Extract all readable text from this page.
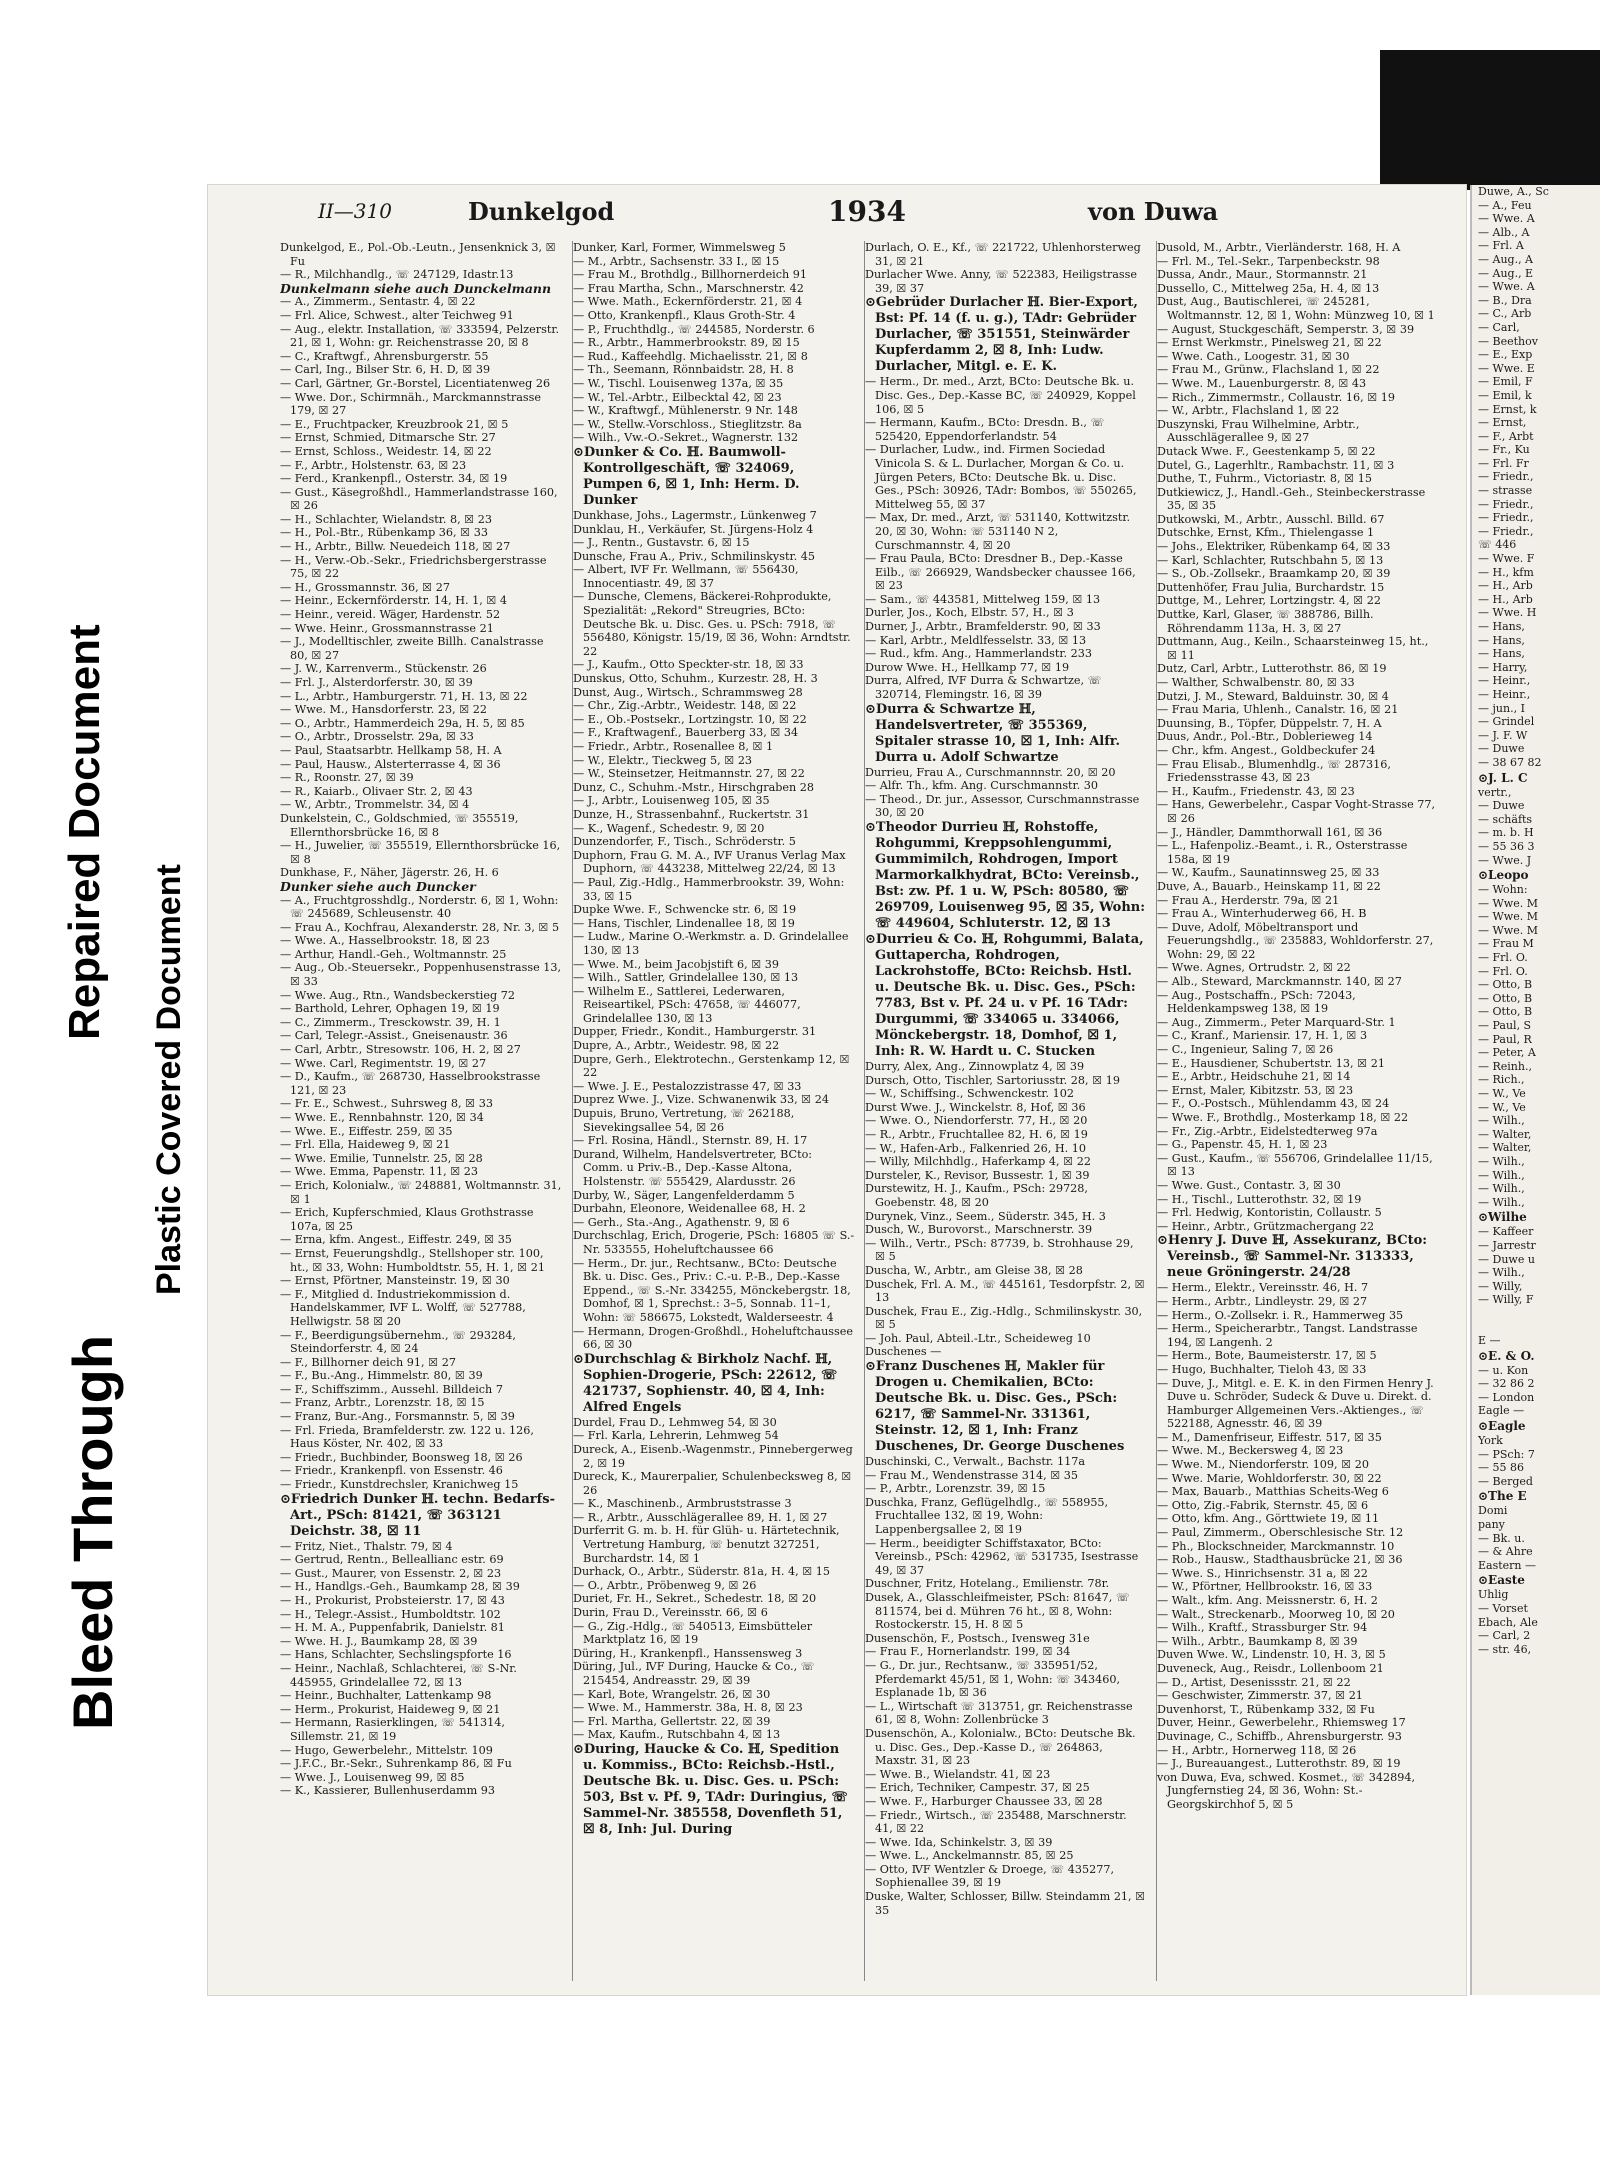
Bleed Through
Repaired Document
Plastic Covered Document
II—310	Dunkelgod	1934	von Duwa
Dunkelgod, E., Pol.-Ob.-Leutn., Jensenknick 3, ☒ Fu
— R., Milchhandlg., ☏ 247129, Idastr.13
Dunkelmann siehe auch Dunckelmann
— A., Zimmerm., Sentastr. 4, ☒ 22
— Frl. Alice, Schwest., alter Teichweg 91
— Aug., elektr. Installation, ☏ 333594, Pelzerstr. 21, ☒ 1, Wohn: gr. Reichenstrasse 20, ☒ 8
— C., Kraftwgf., Ahrensburgerstr. 55
— Carl, Ing., Bilser Str. 6, H. D, ☒ 39
— Carl, Gärtner, Gr.-Borstel, Licentiatenweg 26
— Wwe. Dor., Schirmnäh., Marckmannstrasse 179, ☒ 27
— E., Fruchtpacker, Kreuzbrook 21, ☒ 5
— Ernst, Schmied, Ditmarsche Str. 27
— Ernst, Schloss., Weidestr. 14, ☒ 22
— F., Arbtr., Holstenstr. 63, ☒ 23
— Ferd., Krankenpfl., Osterstr. 34, ☒ 19
— Gust., Käsegroßhdl., Hammerlandstrasse 160, ☒ 26
— H., Schlachter, Wielandstr. 8, ☒ 23
— H., Pol.-Btr., Rübenkamp 36, ☒ 33
— H., Arbtr., Billw. Neuedeich 118, ☒ 27
— H., Verw.-Ob.-Sekr., Friedrichsbergerstrasse 75, ☒ 22
— H., Grossmannstr. 36, ☒ 27
— Heinr., Eckernförderstr. 14, H. 1, ☒ 4
— Heinr., vereid. Wäger, Hardenstr. 52
— Wwe. Heinr., Grossmannstrasse 21
— J., Modelltischler, zweite Billh. Canalstrasse 80, ☒ 27
— J. W., Karrenverm., Stückenstr. 26
— Frl. J., Alsterdorferstr. 30, ☒ 39
— L., Arbtr., Hamburgerstr. 71, H. 13, ☒ 22
— Wwe. M., Hansdorferstr. 23, ☒ 22
— O., Arbtr., Hammerdeich 29a, H. 5, ☒ 85
— O., Arbtr., Drosselstr. 29a, ☒ 33
— Paul, Staatsarbtr. Hellkamp 58, H. A
— Paul, Hausw., Alsterterrasse 4, ☒ 36
— R., Roonstr. 27, ☒ 39
— R., Kaiarb., Olivaer Str. 2, ☒ 43
— W., Arbtr., Trommelstr. 34, ☒ 4
Dunkelstein, C., Goldschmied, ☏ 355519, Ellernthorsbrücke 16, ☒ 8
— H., Juwelier, ☏ 355519, Ellernthorsbrücke 16, ☒ 8
Dunkhase, F., Näher, Jägerstr. 26, H. 6
Dunker siehe auch Duncker
— A., Fruchtgrosshdlg., Norderstr. 6, ☒ 1, Wohn: ☏ 245689, Schleusenstr. 40
— Frau A., Kochfrau, Alexanderstr. 28, Nr. 3, ☒ 5
— Wwe. A., Hasselbrookstr. 18, ☒ 23
— Arthur, Handl.-Geh., Woltmannstr. 25
— Aug., Ob.-Steuersekr., Poppenhusenstrasse 13, ☒ 33
— Wwe. Aug., Rtn., Wandsbeckerstieg 72
— Barthold, Lehrer, Ophagen 19, ☒ 19
— C., Zimmerm., Tresckowstr. 39, H. 1
— Carl, Telegr.-Assist., Gneisenaustr. 36
— Carl, Arbtr., Stresowstr. 106, H. 2, ☒ 27
— Wwe. Carl, Regimentstr. 19, ☒ 27
— D., Kaufm., ☏ 268730, Hasselbrookstrasse 121, ☒ 23
— Fr. E., Schwest., Suhrsweg 8, ☒ 33
— Wwe. E., Rennbahnstr. 120, ☒ 34
— Wwe. E., Eiffestr. 259, ☒ 35
— Frl. Ella, Haideweg 9, ☒ 21
— Wwe. Emilie, Tunnelstr. 25, ☒ 28
— Wwe. Emma, Papenstr. 11, ☒ 23
— Erich, Kolonialw., ☏ 248881, Woltmannstr. 31, ☒ 1
— Erich, Kupferschmied, Klaus Grothstrasse 107a, ☒ 25
— Erna, kfm. Angest., Eiffestr. 249, ☒ 35
— Ernst, Feuerungshdlg., Stellshoper str. 100, ht., ☒ 33, Wohn: Humboldtstr. 55, H. 1, ☒ 21
— Ernst, Pförtner, Mansteinstr. 19, ☒ 30
— F., Mitglied d. Industriekommission d. Handelskammer, ⅣF L. Wolff, ☏ 527788, Hellwigstr. 58 ☒ 20
— F., Beerdigungsübernehm., ☏ 293284, Steindorferstr. 4, ☒ 24
— F., Billhorner deich 91, ☒ 27
— F., Bu.-Ang., Himmelstr. 80, ☒ 39
— F., Schiffszimm., Aussehl. Billdeich 7
— Franz, Arbtr., Lorenzstr. 18, ☒ 15
— Franz, Bur.-Ang., Forsmannstr. 5, ☒ 39
— Frl. Frieda, Bramfelderstr. zw. 122 u. 126, Haus Köster, Nr. 402, ☒ 33
— Friedr., Buchbinder, Boonsweg 18, ☒ 26
— Friedr., Krankenpfl. von Essenstr. 46
— Friedr., Kunstdrechsler, Kranichweg 15
⊙Friedrich Dunker ℍ. techn. Bedarfs-Art., PSch: 81421, ☏ 363121 Deichstr. 38, ☒ 11
— Fritz, Niet., Thalstr. 79, ☒ 4
— Gertrud, Rentn., Belleallianc estr. 69
— Gust., Maurer, von Essenstr. 2, ☒ 23
— H., Handlgs.-Geh., Baumkamp 28, ☒ 39
— H., Prokurist, Probsteierstr. 17, ☒ 43
— H., Telegr.-Assist., Humboldtstr. 102
— H. M. A., Puppenfabrik, Danielstr. 81
— Wwe. H. J., Baumkamp 28, ☒ 39
— Hans, Schlachter, Sechslingspforte 16
— Heinr., Nachlaß, Schlachterei, ☏ S-Nr. 445955, Grindelallee 72, ☒ 13
— Heinr., Buchhalter, Lattenkamp 98
— Herm., Prokurist, Haideweg 9, ☒ 21
— Hermann, Rasierklingen, ☏ 541314, Sillemstr. 21, ☒ 19
— Hugo, Gewerbelehr., Mittelstr. 109
— J.F.C., Br.-Sekr., Suhrenkamp 86, ☒ Fu
— Wwe. J., Louisenweg 99, ☒ 85
— K., Kassierer, Bullenhuserdamm 93
Dunker, Karl, Former, Wimmelsweg 5
— M., Arbtr., Sachsenstr. 33 I., ☒ 15
— Frau M., Brothdlg., Billhornerdeich 91
— Frau Martha, Schn., Marschnerstr. 42
— Wwe. Math., Eckernförderstr. 21, ☒ 4
— Otto, Krankenpfl., Klaus Groth-Str. 4
— P., Fruchthdlg., ☏ 244585, Norderstr. 6
— R., Arbtr., Hammerbrookstr. 89, ☒ 15
— Rud., Kaffeehdlg. Michaelisstr. 21, ☒ 8
— Th., Seemann, Rönnbaidstr. 28, H. 8
— W., Tischl. Louisenweg 137a, ☒ 35
— W., Tel.-Arbtr., Eilbecktal 42, ☒ 23
— W., Kraftwgf., Mühlenerstr. 9 Nr. 148
— W., Stellw.-Vorschloss., Stieglitzstr. 8a
— Wilh., Vw.-O.-Sekret., Wagnerstr. 132
⊙Dunker & Co. ℍ. Baumwoll-Kontrollgeschäft, ☏ 324069, Pumpen 6, ☒ 1, Inh: Herm. D. Dunker
Dunkhase, Johs., Lagermstr., Lünkenweg 7
Dunklau, H., Verkäufer, St. Jürgens-Holz 4
— J., Rentn., Gustavstr. 6, ☒ 15
Dunsche, Frau A., Priv., Schmilinskystr. 45
— Albert, ⅣF Fr. Wellmann, ☏ 556430, Innocentiastr. 49, ☒ 37
— Dunsche, Clemens, Bäckerei-Rohprodukte, Spezialität: „Rekord" Streugries, BCto: Deutsche Bk. u. Disc. Ges. u. PSch: 7918, ☏ 556480, Königstr. 15/19, ☒ 36, Wohn: Arndtstr. 22
— J., Kaufm., Otto Speckter-str. 18, ☒ 33
Dunskus, Otto, Schuhm., Kurzestr. 28, H. 3
Dunst, Aug., Wirtsch., Schrammsweg 28
— Chr., Zig.-Arbtr., Weidestr. 148, ☒ 22
— E., Ob.-Postsekr., Lortzingstr. 10, ☒ 22
— F., Kraftwagenf., Bauerberg 33, ☒ 34
— Friedr., Arbtr., Rosenallee 8, ☒ 1
— W., Elektr., Tieckweg 5, ☒ 23
— W., Steinsetzer, Heitmannstr. 27, ☒ 22
Dunz, C., Schuhm.-Mstr., Hirschgraben 28
— J., Arbtr., Louisenweg 105, ☒ 35
Dunze, H., Strassenbahnf., Ruckertstr. 31
— K., Wagenf., Schedestr. 9, ☒ 20
Dunzendorfer, F., Tisch., Schröderstr. 5
Duphorn, Frau G. M. A., ⅣF Uranus Verlag Max Duphorn, ☏ 443238, Mittelweg 22/24, ☒ 13
— Paul, Zig.-Hdlg., Hammerbrookstr. 39, Wohn: 33, ☒ 15
Dupke Wwe. F., Schwencke str. 6, ☒ 19
— Hans, Tischler, Lindenallee 18, ☒ 19
— Ludw., Marine O.-Werkmstr. a. D. Grindelallee 130, ☒ 13
— Wwe. M., beim Jacobjstift 6, ☒ 39
— Wilh., Sattler, Grindelallee 130, ☒ 13
— Wilhelm E., Sattlerei, Lederwaren, Reiseartikel, PSch: 47658, ☏ 446077, Grindelallee 130, ☒ 13
Dupper, Friedr., Kondit., Hamburgerstr. 31
Dupre, A., Arbtr., Weidestr. 98, ☒ 22
Dupre, Gerh., Elektrotechn., Gerstenkamp 12, ☒ 22
— Wwe. J. E., Pestalozzistrasse 47, ☒ 33
Duprez Wwe. J., Vize. Schwanenwik 33, ☒ 24
Dupuis, Bruno, Vertretung, ☏ 262188, Sievekingsallee 54, ☒ 26
— Frl. Rosina, Händl., Sternstr. 89, H. 17
Durand, Wilhelm, Handelsvertreter, BCto: Comm. u Priv.-B., Dep.-Kasse Altona, Holstenstr. ☏ 555429, Alardusstr. 26
Durby, W., Säger, Langenfelderdamm 5
Durbahn, Eleonore, Weidenallee 68, H. 2
— Gerh., Sta.-Ang., Agathenstr. 9, ☒ 6
Durchschlag, Erich, Drogerie, PSch: 16805 ☏ S.-Nr. 533555, Hoheluftchaussee 66
— Herm., Dr. jur., Rechtsanw., BCto: Deutsche Bk. u. Disc. Ges., Priv.: C.-u. P.-B., Dep.-Kasse Eppend., ☏ S.-Nr. 334255, Mönckebergstr. 18, Domhof, ☒ 1, Sprechst.: 3–5, Sonnab. 11–1, Wohn: ☏ 586675, Lokstedt, Walderseestr. 4
— Hermann, Drogen-Großhdl., Hoheluftchaussee 66, ☒ 30
⊙Durchschlag & Birkholz Nachf. ℍ, Sophien-Drogerie, PSch: 22612, ☏ 421737, Sophienstr. 40, ☒ 4, Inh: Alfred Engels
Durdel, Frau D., Lehmweg 54, ☒ 30
— Frl. Karla, Lehrerin, Lehmweg 54
Dureck, A., Eisenb.-Wagenmstr., Pinnebergerweg 2, ☒ 19
Dureck, K., Maurerpalier, Schulenbecksweg 8, ☒ 26
— K., Maschinenb., Armbruststrasse 3
— R., Arbtr., Ausschlägerallee 89, H. 1, ☒ 27
Durferrit G. m. b. H. für Glüh- u. Härtetechnik, Vertretung Hamburg, ☏ benutzt 327251, Burchardstr. 14, ☒ 1
Durhack, O., Arbtr., Süderstr. 81a, H. 4, ☒ 15
— O., Arbtr., Pröbenweg 9, ☒ 26
Duriet, Fr. H., Sekret., Schedestr. 18, ☒ 20
Durin, Frau D., Vereinsstr. 66, ☒ 6
— G., Zig.-Hdlg., ☏ 540513, Eimsbütteler Marktplatz 16, ☒ 19
Düring, H., Krankenpfl., Hanssensweg 3
Düring, Jul., ⅣF During, Haucke & Co., ☏ 215454, Andreasstr. 29, ☒ 39
— Karl, Bote, Wrangelstr. 26, ☒ 30
— Wwe. M., Hammerstr. 38a, H. 8, ☒ 23
— Frl. Martha, Gellertstr. 22, ☒ 39
— Max, Kaufm., Rutschbahn 4, ☒ 13
⊙During, Haucke & Co. ℍ, Spedition u. Kommiss., BCto: Reichsb.-Hstl., Deutsche Bk. u. Disc. Ges. u. PSch: 503, Bst v. Pf. 9, TAdr: Duringius, ☏ Sammel-Nr. 385558, Dovenfleth 51, ☒ 8, Inh: Jul. During
Durlach, O. E., Kf., ☏ 221722, Uhlenhorsterweg 31, ☒ 21
Durlacher Wwe. Anny, ☏ 522383, Heiligstrasse 39, ☒ 37
⊙Gebrüder Durlacher ℍ. Bier-Export, Bst: Pf. 14 (f. u. g.), TAdr: Gebrüder Durlacher, ☏ 351551, Steinwärder Kupferdamm 2, ☒ 8, Inh: Ludw. Durlacher, Mitgl. e. E. K.
— Herm., Dr. med., Arzt, BCto: Deutsche Bk. u. Disc. Ges., Dep.-Kasse BC, ☏ 240929, Koppel 106, ☒ 5
— Hermann, Kaufm., BCto: Dresdn. B., ☏ 525420, Eppendorferlandstr. 54
— Durlacher, Ludw., ind. Firmen Sociedad Vinicola S. & L. Durlacher, Morgan & Co. u. Jürgen Peters, BCto: Deutsche Bk. u. Disc. Ges., PSch: 30926, TAdr: Bombos, ☏ 550265, Mittelweg 55, ☒ 37
— Max, Dr. med., Arzt, ☏ 531140, Kottwitzstr. 20, ☒ 30, Wohn: ☏ 531140 N 2, Curschmannstr. 4, ☒ 20
— Frau Paula, BCto: Dresdner B., Dep.-Kasse Eilb., ☏ 266929, Wandsbecker chaussee 166, ☒ 23
— Sam., ☏ 443581, Mittelweg 159, ☒ 13
Durler, Jos., Koch, Elbstr. 57, H., ☒ 3
Durner, J., Arbtr., Bramfelderstr. 90, ☒ 33
— Karl, Arbtr., Meldlfesselstr. 33, ☒ 13
— Rud., kfm. Ang., Hammerlandstr. 233
Durow Wwe. H., Hellkamp 77, ☒ 19
Durra, Alfred, ⅣF Durra & Schwartze, ☏ 320714, Flemingstr. 16, ☒ 39
⊙Durra & Schwartze ℍ, Handelsvertreter, ☏ 355369, Spitaler strasse 10, ☒ 1, Inh: Alfr. Durra u. Adolf Schwartze
Durrieu, Frau A., Curschmannnstr. 20, ☒ 20
— Alfr. Th., kfm. Ang. Curschmannstr. 30
— Theod., Dr. jur., Assessor, Curschmannstrasse 30, ☒ 20
⊙Theodor Durrieu ℍ, Rohstoffe, Rohgummi, Kreppsohlengummi, Gummimilch, Rohdrogen, Import Marmorkalkhydrat, BCto: Vereinsb., Bst: zw. Pf. 1 u. W, PSch: 80580, ☏ 269709, Louisenweg 95, ☒ 35, Wohn: ☏ 449604, Schluterstr. 12, ☒ 13
⊙Durrieu & Co. ℍ, Rohgummi, Balata, Guttapercha, Rohdrogen, Lackrohstoffe, BCto: Reichsb. Hstl. u. Deutsche Bk. u. Disc. Ges., PSch: 7783, Bst v. Pf. 24 u. v Pf. 16 TAdr: Durgummi, ☏ 334065 u. 334066, Mönckebergstr. 18, Domhof, ☒ 1, Inh: R. W. Hardt u. C. Stucken
Durry, Alex, Ang., Zinnowplatz 4, ☒ 39
Dursch, Otto, Tischler, Sartoriusstr. 28, ☒ 19
— W., Schiffsing., Schwenckestr. 102
Durst Wwe. J., Winckelstr. 8, Hof, ☒ 36
— Wwe. O., Niendorferstr. 77, H., ☒ 20
— R., Arbtr., Fruchtallee 82, H. 6, ☒ 19
— W., Hafen-Arb., Falkenried 26, H. 10
— Willy, Milchhdlg., Haferkamp 4, ☒ 22
Dursteler, K., Revisor, Bussestr. 1, ☒ 39
Durstewitz, H. J., Kaufm., PSch: 29728, Goebenstr. 48, ☒ 20
Durynek, Vinz., Seem., Süderstr. 345, H. 3
Dusch, W., Burovorst., Marschnerstr. 39
— Wilh., Vertr., PSch: 87739, b. Strohhause 29, ☒ 5
Duscha, W., Arbtr., am Gleise 38, ☒ 28
Duschek, Frl. A. M., ☏ 445161, Tesdorpfstr. 2, ☒ 13
Duschek, Frau E., Zig.-Hdlg., Schmilinskystr. 30, ☒ 5
— Joh. Paul, Abteil.-Ltr., Scheideweg 10
Duschenes —
⊙Franz Duschenes ℍ, Makler für Drogen u. Chemikalien, BCto: Deutsche Bk. u. Disc. Ges., PSch: 6217, ☏ Sammel-Nr. 331361, Steinstr. 12, ☒ 1, Inh: Franz Duschenes, Dr. George Duschenes
Duschinski, C., Verwalt., Bachstr. 117a
— Frau M., Wendenstrasse 314, ☒ 35
— P., Arbtr., Lorenzstr. 39, ☒ 15
Duschka, Franz, Geflügelhdlg., ☏ 558955, Fruchtallee 132, ☒ 19, Wohn: Lappenbergsallee 2, ☒ 19
— Herm., beeidigter Schiffstaxator, BCto: Vereinsb., PSch: 42962, ☏ 531735, Isestrasse 49, ☒ 37
Duschner, Fritz, Hotelang., Emilienstr. 78r.
Dusek, A., Glasschleifmeister, PSch: 81647, ☏ 811574, bei d. Mühren 76 ht., ☒ 8, Wohn: Rostockerstr. 15, H. 8 ☒ 5
Dusenschön, F., Postsch., Ivensweg 31e
— Frau F., Hornerlandstr. 199, ☒ 34
— G., Dr. jur., Rechtsanw., ☏ 335951/52, Pferdemarkt 45/51, ☒ 1, Wohn: ☏ 343460, Esplanade 1b, ☒ 36
— L., Wirtschaft ☏ 313751, gr. Reichenstrasse 61, ☒ 8, Wohn: Zollenbrücke 3
Dusenschön, A., Kolonialw., BCto: Deutsche Bk. u. Disc. Ges., Dep.-Kasse D., ☏ 264863, Maxstr. 31, ☒ 23
— Wwe. B., Wielandstr. 41, ☒ 23
— Erich, Techniker, Campestr. 37, ☒ 25
— Wwe. F., Harburger Chaussee 33, ☒ 28
— Friedr., Wirtsch., ☏ 235488, Marschnerstr. 41, ☒ 22
— Wwe. Ida, Schinkelstr. 3, ☒ 39
— Wwe. L., Anckelmannstr. 85, ☒ 25
— Otto, ⅣF Wentzler & Droege, ☏ 435277, Sophienallee 39, ☒ 19
Duske, Walter, Schlosser, Billw. Steindamm 21, ☒ 35
Dusold, M., Arbtr., Vierländerstr. 168, H. A
— Frl. M., Tel.-Sekr., Tarpenbeckstr. 98
Dussa, Andr., Maur., Stormannstr. 21
Dussello, C., Mittelweg 25a, H. 4, ☒ 13
Dust, Aug., Bautischlerei, ☏ 245281, Woltmannstr. 12, ☒ 1, Wohn: Münzweg 10, ☒ 1
— August, Stuckgeschäft, Semperstr. 3, ☒ 39
— Ernst Werkmstr., Pinelsweg 21, ☒ 22
— Wwe. Cath., Loogestr. 31, ☒ 30
— Frau M., Grünw., Flachsland 1, ☒ 22
— Wwe. M., Lauenburgerstr. 8, ☒ 43
— Rich., Zimmermstr., Collaustr. 16, ☒ 19
— W., Arbtr., Flachsland 1, ☒ 22
Duszynski, Frau Wilhelmine, Arbtr., Ausschlägerallee 9, ☒ 27
Dutack Wwe. F., Geestenkamp 5, ☒ 22
Dutel, G., Lagerhltr., Rambachstr. 11, ☒ 3
Duthe, T., Fuhrm., Victoriastr. 8, ☒ 15
Dutkiewicz, J., Handl.-Geh., Steinbeckerstrasse 35, ☒ 35
Dutkowski, M., Arbtr., Ausschl. Billd. 67
Dutschke, Ernst, Kfm., Thielengasse 1
— Johs., Elektriker, Rübenkamp 64, ☒ 33
— Karl, Schlachter, Rutschbahn 5, ☒ 13
— S., Ob.-Zollsekr., Braamkamp 20, ☒ 39
Duttenhöfer, Frau Julia, Burchardstr. 15
Duttge, M., Lehrer, Lortzingstr. 4, ☒ 22
Duttke, Karl, Glaser, ☏ 388786, Billh. Röhrendamm 113a, H. 3, ☒ 27
Duttmann, Aug., Keiln., Schaarsteinweg 15, ht., ☒ 11
Dutz, Carl, Arbtr., Lutterothstr. 86, ☒ 19
— Walther, Schwalbenstr. 80, ☒ 33
Dutzi, J. M., Steward, Balduinstr. 30, ☒ 4
— Frau Maria, Uhlenh., Canalstr. 16, ☒ 21
Duunsing, B., Töpfer, Düppelstr. 7, H. A
Duus, Andr., Pol.-Btr., Doblerieweg 14
— Chr., kfm. Angest., Goldbeckufer 24
— Frau Elisab., Blumenhdlg., ☏ 287316, Friedensstrasse 43, ☒ 23
— H., Kaufm., Friedenstr. 43, ☒ 23
— Hans, Gewerbelehr., Caspar Voght-Strasse 77, ☒ 26
— J., Händler, Dammthorwall 161, ☒ 36
— L., Hafenpoliz.-Beamt., i. R., Osterstrasse 158a, ☒ 19
— W., Kaufm., Saunatinnsweg 25, ☒ 33
Duve, A., Bauarb., Heinskamp 11, ☒ 22
— Frau A., Herderstr. 79a, ☒ 21
— Frau A., Winterhuderweg 66, H. B
— Duve, Adolf, Möbeltransport und Feuerungshdlg., ☏ 235883, Wohldorferstr. 27, Wohn: 29, ☒ 22
— Wwe. Agnes, Ortrudstr. 2, ☒ 22
— Alb., Steward, Marckmannstr. 140, ☒ 27
— Aug., Postschaffn., PSch: 72043, Heldenkampsweg 138, ☒ 19
— Aug., Zimmerm., Peter Marquard-Str. 1
— C., Kranf., Mariensir. 17, H. 1, ☒ 3
— C., Ingenieur, Saling 7, ☒ 26
— E., Hausdiener, Schubertstr. 13, ☒ 21
— E., Arbtr., Heidschuhe 21, ☒ 14
— Ernst, Maler, Kibitzstr. 53, ☒ 23
— F., O.-Postsch., Mühlendamm 43, ☒ 24
— Wwe. F., Brothdlg., Mosterkamp 18, ☒ 22
— Fr., Zig.-Arbtr., Eidelstedterweg 97a
— G., Papenstr. 45, H. 1, ☒ 23
— Gust., Kaufm., ☏ 556706, Grindelallee 11/15, ☒ 13
— Wwe. Gust., Contastr. 3, ☒ 30
— H., Tischl., Lutterothstr. 32, ☒ 19
— Frl. Hedwig, Kontoristin, Collaustr. 5
— Heinr., Arbtr., Grützmachergang 22
⊙Henry J. Duve ℍ, Assekuranz, BCto: Vereinsb., ☏ Sammel-Nr. 313333, neue Gröningerstr. 24/28
— Herm., Elektr., Vereinsstr. 46, H. 7
— Herm., Arbtr., Lindleystr. 29, ☒ 27
— Herm., O.-Zollsekr. i. R., Hammerweg 35
— Herm., Speicherarbtr., Tangst. Landstrasse 194, ☒ Langenh. 2
— Herm., Bote, Baumeisterstr. 17, ☒ 5
— Hugo, Buchhalter, Tieloh 43, ☒ 33
— Duve, J., Mitgl. e. E. K. in den Firmen Henry J. Duve u. Schröder, Sudeck & Duve u. Direkt. d. Hamburger Allgemeinen Vers.-Aktienges., ☏ 522188, Agnesstr. 46, ☒ 39
— M., Damenfriseur, Eiffestr. 517, ☒ 35
— Wwe. M., Beckersweg 4, ☒ 23
— Wwe. M., Niendorferstr. 109, ☒ 20
— Wwe. Marie, Wohldorferstr. 30, ☒ 22
— Max, Bauarb., Matthias Scheits-Weg 6
— Otto, Zig.-Fabrik, Sternstr. 45, ☒ 6
— Otto, kfm. Ang., Görttwiete 19, ☒ 11
— Paul, Zimmerm., Oberschlesische Str. 12
— Ph., Blockschneider, Marckmannstr. 10
— Rob., Hausw., Stadthausbrücke 21, ☒ 36
— Wwe. S., Hinrichsenstr. 31 a, ☒ 22
— W., Pförtner, Hellbrookstr. 16, ☒ 33
— Walt., kfm. Ang. Meissnerstr. 6, H. 2
— Walt., Streckenarb., Moorweg 10, ☒ 20
— Wilh., Kraftf., Strassburger Str. 94
— Wilh., Arbtr., Baumkamp 8, ☒ 39
Duven Wwe. W., Lindenstr. 10, H. 3, ☒ 5
Duveneck, Aug., Reisdr., Lollenboom 21
— D., Artist, Desenissstr. 21, ☒ 22
— Geschwister, Zimmerstr. 37, ☒ 21
Duvenhorst, T., Rübenkamp 332, ☒ Fu
Duver, Heinr., Gewerbelehr., Rhiemsweg 17
Duvinage, C., Schiffb., Ahrensburgerstr. 93
— H., Arbtr., Hornerweg 118, ☒ 26
— J., Bureauangest., Lutterothstr. 89, ☒ 19
von Duwa, Eva, schwed. Kosmet., ☏ 342894, Jungfernstieg 24, ☒ 36, Wohn: St.-Georgskirchhof 5, ☒ 5
Duwe, A., Sc
— A., Feu
— Wwe. A
— Alb., A
— Frl. A
— Aug., A
— Aug., E
— Wwe. A
— B., Dra
— C., Arb
— Carl,
— Beethov
— E., Exp
— Wwe. E
— Emil, F
— Emil, k
— Ernst, k
— Ernst,
— F., Arbt
— Fr., Ku
— Frl. Fr
— Friedr.,
— strasse
— Friedr.,
— Friedr.,
— Friedr.,
☏ 446
— Wwe. F
— H., kfm
— H., Arb
— H., Arb
— Wwe. H
— Hans,
— Hans,
— Hans,
— Harry,
— Heinr.,
— Heinr.,
— jun., I
— Grindel
— J. F. W
— Duwe
— 38 67 82
⊙J. L. C
vertr.,
— Duwe
— schäfts
— m. b. H
— 55 36 3
— Wwe. J
⊙Leopo
— Wohn:
— Wwe. M
— Wwe. M
— Wwe. M
— Frau M
— Frl. O.
— Frl. O.
— Otto, B
— Otto, B
— Otto, B
— Paul, S
— Paul, R
— Peter, A
— Reinh.,
— Rich.,
— W., Ve
— W., Ve
— Wilh.,
— Walter,
— Walter,
— Wilh.,
— Wilh.,
— Wilh.,
— Wilh.,
⊙Wilhe
— Kaffeer
— Jarrestr
— Duwe u
— Wilh.,
— Willy,
— Willy, F

E —
⊙E. & O.
— u. Kon
— 32 86 2
— London
Eagle —
⊙Eagle
York
— PSch: 7
— 55 86
— Berged
⊙The E
Domi
pany
— Bk. u.
— & Ahre
Eastern —
⊙Easte
Uhlig
— Vorset
Ebach, Ale
— Carl, 2
— str. 46,
